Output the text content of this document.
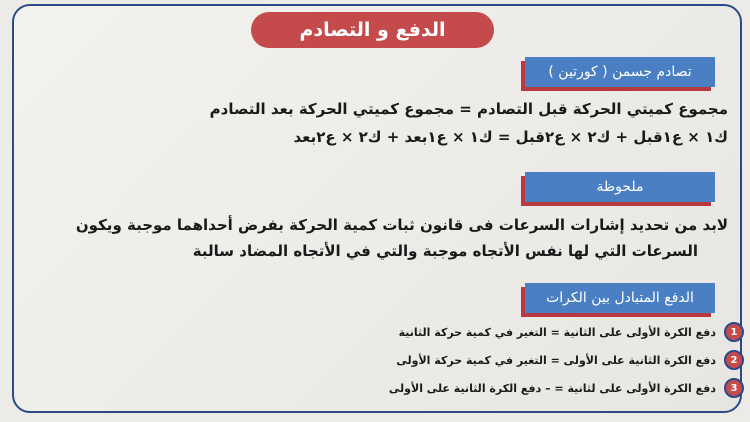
الدفع و التصادم
تصادم جسمن ( كورتين )
مجموع كميتي الحركة قبل التصادم = مجموع كميتي الحركة بعد التصادم
ك١ × ع١قبل + ك٢ × ع٢قبل = ك١ × ع١بعد + ك٢ × ع٢بعد
ملحوظة
لابد من تحديد إشارات السرعات فى قانون ثبات كمية الحركة بفرض أحداهما موجبة ويكون
السرعات التي لها نفس الأتجاه موجبة والتي في الأتجاه المضاد سالبة
الدفع المتبادل بين الكرات
1
دفع الكرة الأولى على الثانية = التغير في كمية حركة الثانية
2
دفع الكرة الثانية على الأولى = التغير في كمية حركة الأولى
3
دفع الكرة الأولى على لثانية = – دفع الكرة الثانية على الأولى
